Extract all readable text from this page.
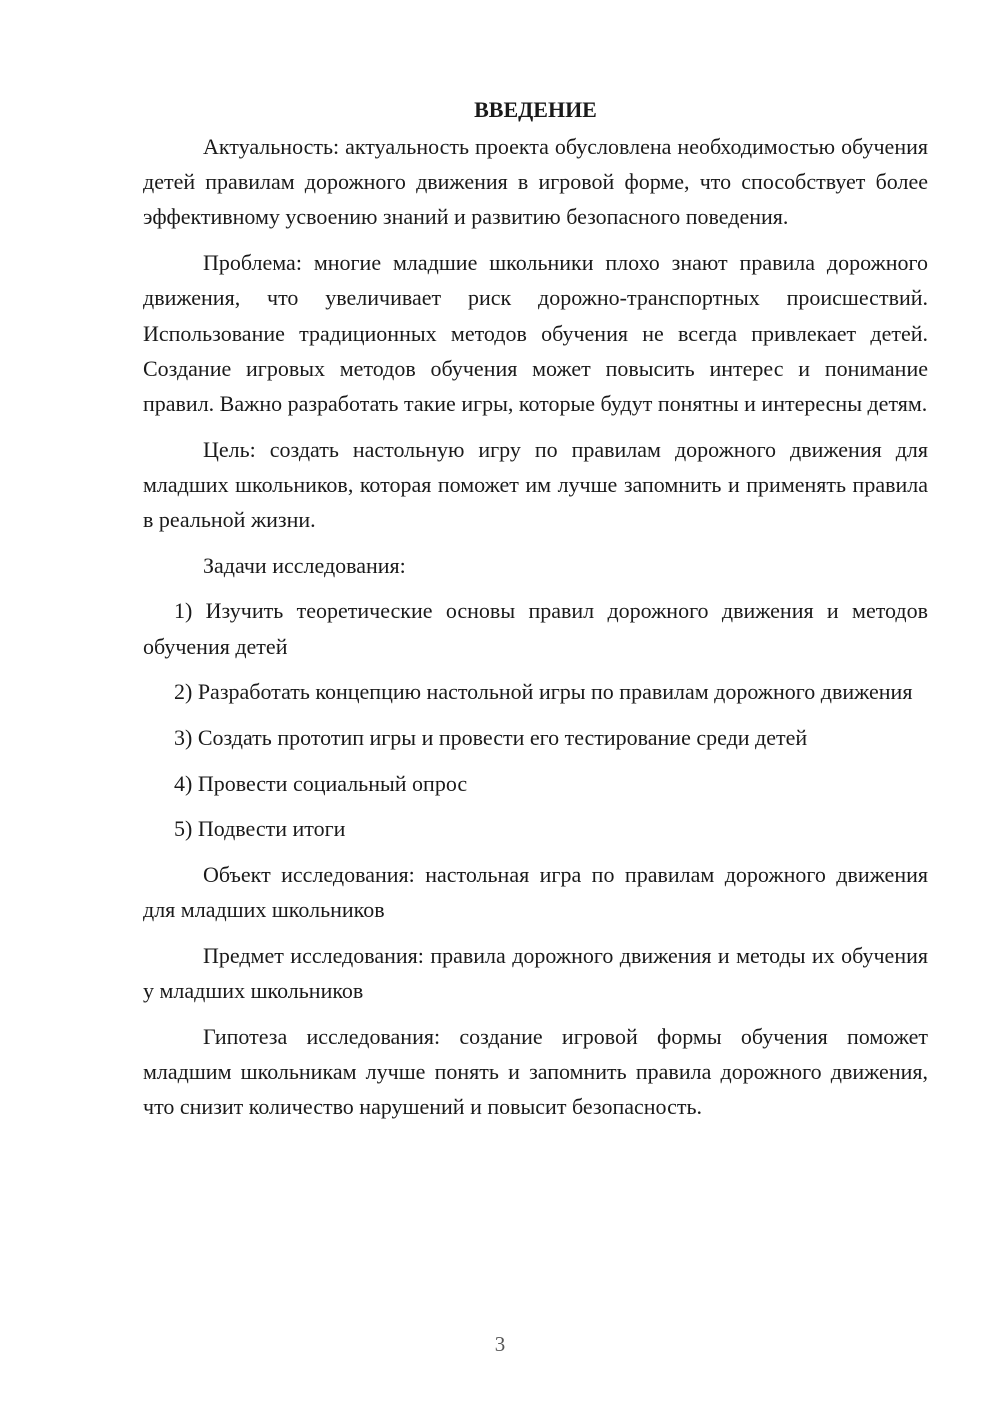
ВВЕДЕНИЕ

Актуальность: актуальность проекта обусловлена необходимостью обучения детей правилам дорожного движения в игровой форме, что способствует более эффективному усвоению знаний и развитию безопасного поведения.

Проблема: многие младшие школьники плохо знают правила дорожного движения, что увеличивает риск дорожно-транспортных происшествий. Использование традиционных методов обучения не всегда привлекает детей. Создание игровых методов обучения может повысить интерес и понимание правил. Важно разработать такие игры, которые будут понятны и интересны детям.

Цель: создать настольную игру по правилам дорожного движения для младших школьников, которая поможет им лучше запомнить и применять правила в реальной жизни.

Задачи исследования:

1) Изучить теоретические основы правил дорожного движения и методов обучения детей

2) Разработать концепцию настольной игры по правилам дорожного движения

3) Создать прототип игры и провести его тестирование среди детей

4) Провести социальный опрос

5) Подвести итоги

Объект исследования: настольная игра по правилам дорожного движения для младших школьников

Предмет исследования: правила дорожного движения и методы их обучения у младших школьников

Гипотеза исследования: создание игровой формы обучения поможет младшим школьникам лучше понять и запомнить правила дорожного движения, что снизит количество нарушений и повысит безопасность.

3
